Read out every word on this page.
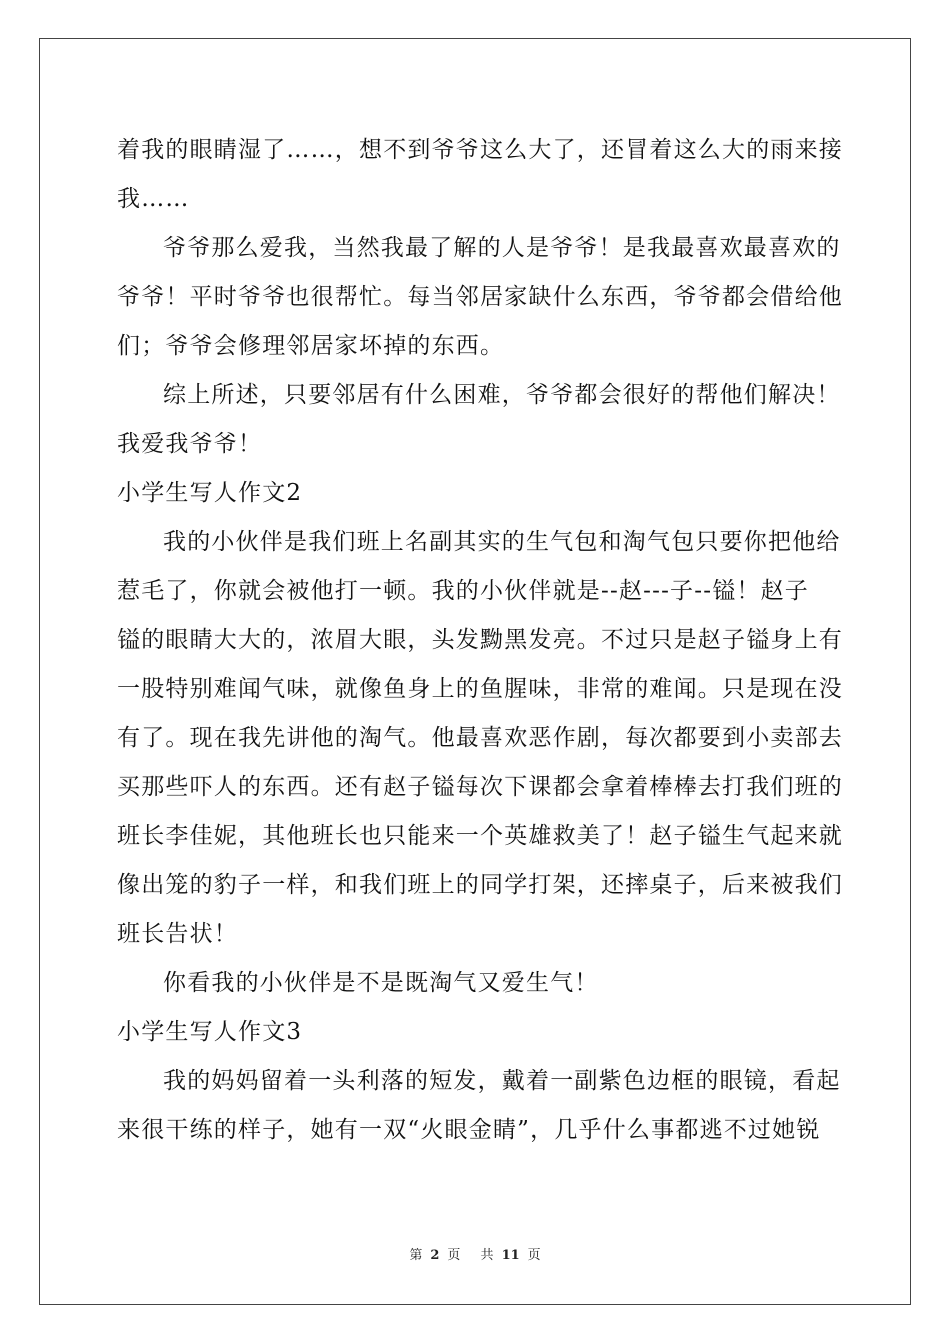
着我的眼睛湿了……，想不到爷爷这么大了，还冒着这么大的雨来接
我……
爷爷那么爱我，当然我最了解的人是爷爷！是我最喜欢最喜欢的
爷爷！平时爷爷也很帮忙。每当邻居家缺什么东西，爷爷都会借给他
们；爷爷会修理邻居家坏掉的东西。
综上所述，只要邻居有什么困难，爷爷都会很好的帮他们解决！
我爱我爷爷！
小学生写人作文2
我的小伙伴是我们班上名副其实的生气包和淘气包只要你把他给
惹毛了，你就会被他打一顿。我的小伙伴就是--赵---子--镒！赵子
镒的眼睛大大的，浓眉大眼，头发黝黑发亮。不过只是赵子镒身上有
一股特别难闻气味，就像鱼身上的鱼腥味，非常的难闻。只是现在没
有了。现在我先讲他的淘气。他最喜欢恶作剧，每次都要到小卖部去
买那些吓人的东西。还有赵子镒每次下课都会拿着棒棒去打我们班的
班长李佳妮，其他班长也只能来一个英雄救美了！赵子镒生气起来就
像出笼的豹子一样，和我们班上的同学打架，还摔桌子，后来被我们
班长告状！
你看我的小伙伴是不是既淘气又爱生气！
小学生写人作文3
我的妈妈留着一头利落的短发，戴着一副紫色边框的眼镜，看起
来很干练的样子，她有一双“火眼金睛”，几乎什么事都逃不过她锐
第 2 页 共 11 页
